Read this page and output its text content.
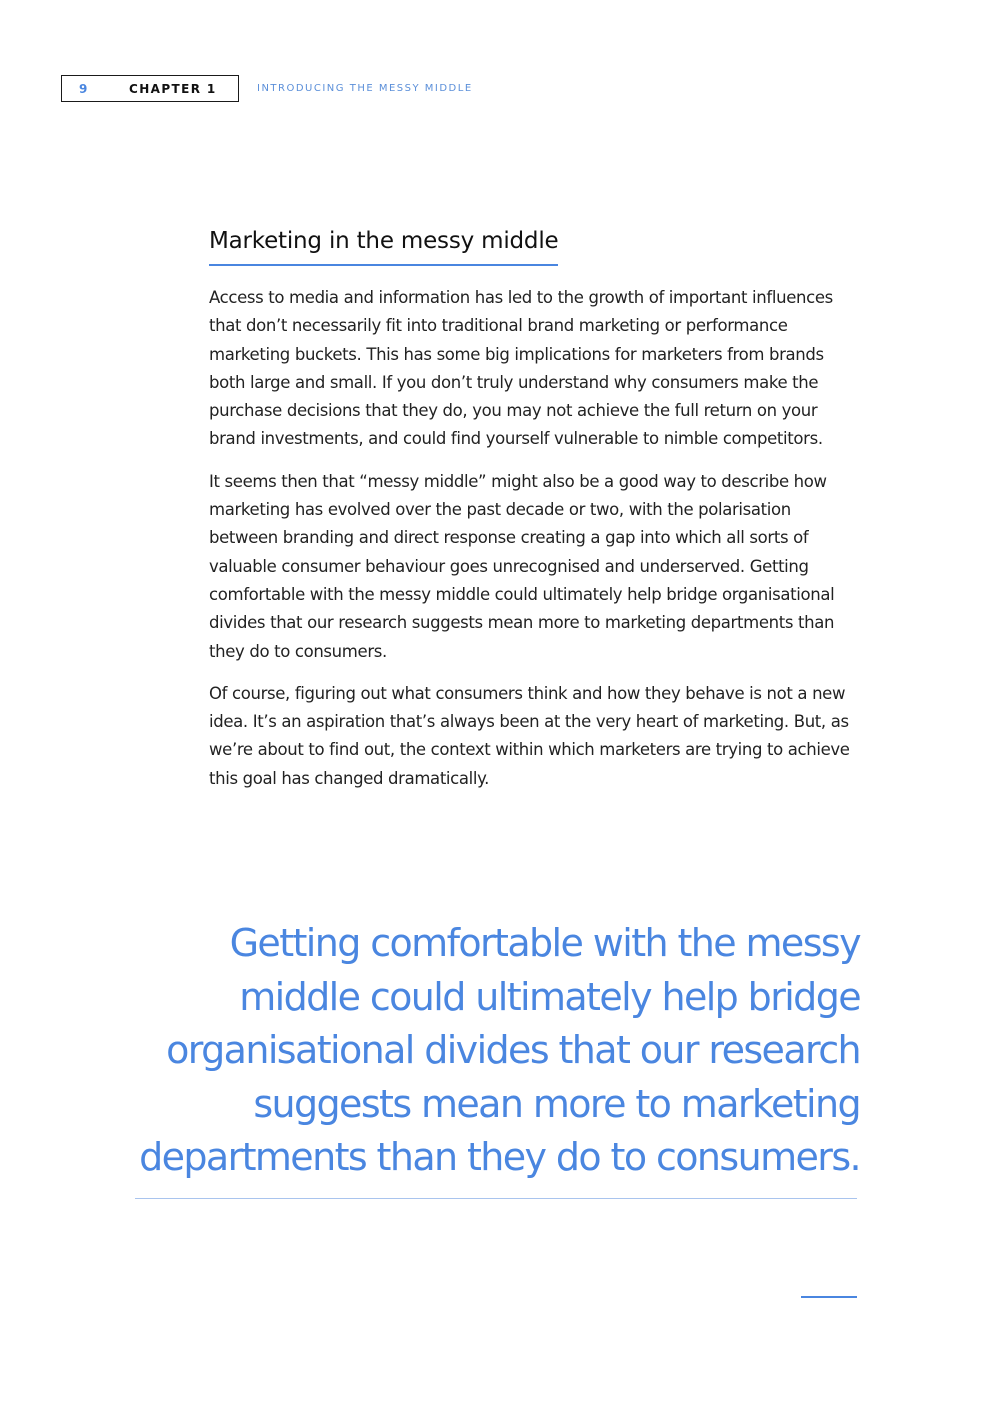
9	CHAPTER 1	INTRODUCING THE MESSY MIDDLE
Marketing in the messy middle

Access to media and information has led to the growth of important influences that don’t necessarily fit into traditional brand marketing or performance marketing buckets. This has some big implications for marketers from brands both large and small. If you don’t truly understand why consumers make the purchase decisions that they do, you may not achieve the full return on your brand investments, and could find yourself vulnerable to nimble competitors.

It seems then that “messy middle” might also be a good way to describe how marketing has evolved over the past decade or two, with the polarisation between branding and direct response creating a gap into which all sorts of valuable consumer behaviour goes unrecognised and underserved. Getting comfortable with the messy middle could ultimately help bridge organisational divides that our research suggests mean more to marketing departments than they do to consumers.

Of course, figuring out what consumers think and how they behave is not a new idea. It’s an aspiration that’s always been at the very heart of marketing. But, as we’re about to find out, the context within which marketers are trying to achieve this goal has changed dramatically.

Getting comfortable with the messy
middle could ultimately help bridge
organisational divides that our research
suggests mean more to marketing
departments than they do to consumers.
